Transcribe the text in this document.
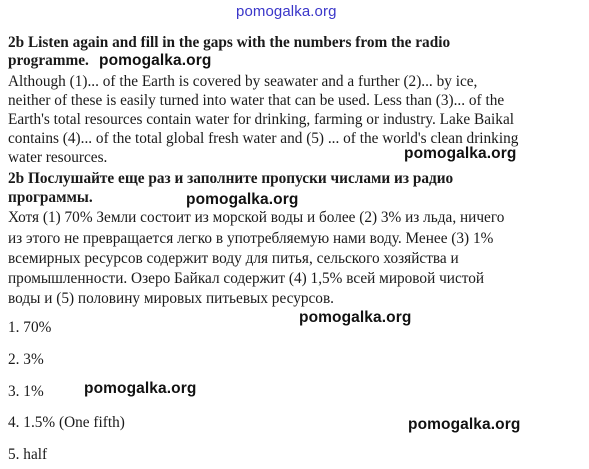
pomogalka.org
2b Listen again and fill in the gaps with the numbers from the radio
programme. pomogalka.org
Although (1)... of the Earth is covered by seawater and a further (2)... by ice,
neither of these is easily turned into water that can be used. Less than (3)... of the
Earth's total resources contain water for drinking, farming or industry. Lake Baikal
contains (4)... of the total global fresh water and (5) ... of the world's clean drinking
water resources.	pomogalka.org
2b Послушайте еще раз и заполните пропуски числами из радио
pomogalka.org
программы.
Хотя (1) 70% Земли состоит из морской воды и более (2) 3% из льда, ничего
из этого не превращается легко в употребляемую нами воду. Менее (3) 1%
всемирных ресурсов содержит воду для питья, сельского хозяйства и
промышленности. Озеро Байкал содержит (4) 1,5% всей мировой чистой
воды и (5) половину мировых питьевых ресурсов.
pomogalka.org
1. 70%
2. 3%
3. 1%	pomogalka.org
4. 1.5% (One fifth)	pomogalka.org
5. half
